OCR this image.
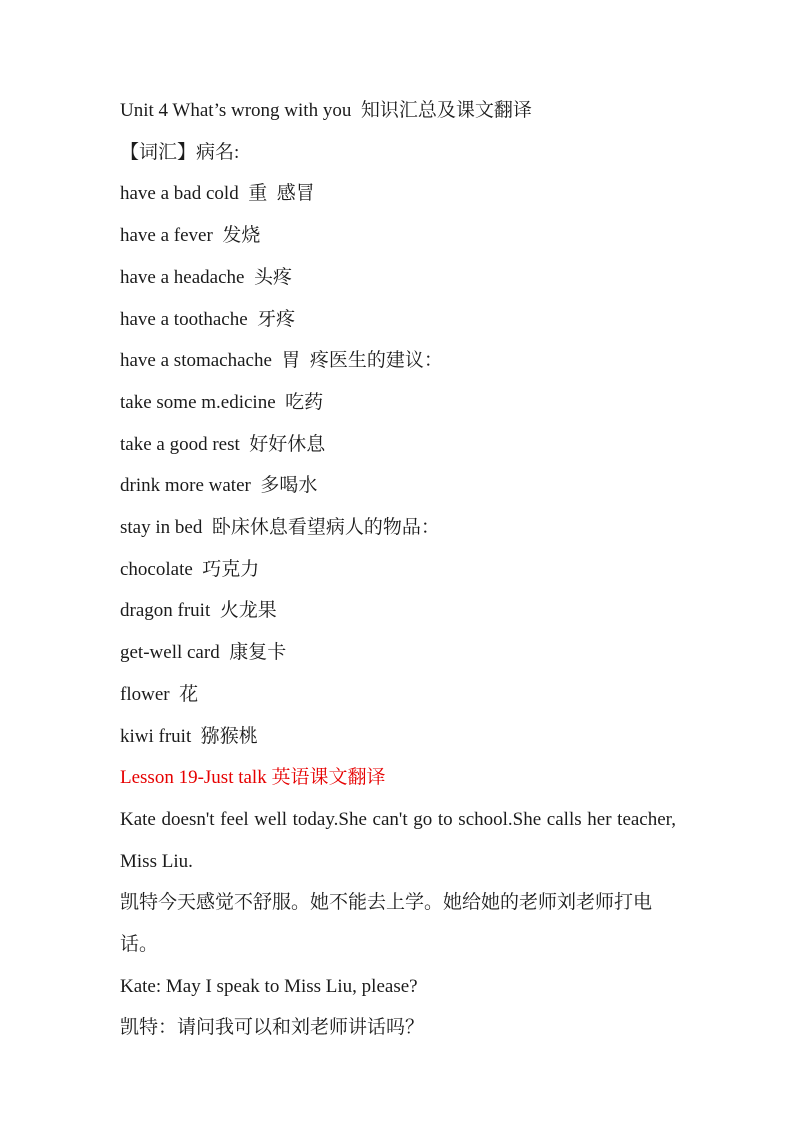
Unit 4 What’s wrong with you  知识汇总及课文翻译
【词汇】病名:
have a bad cold  重  感冒
have a fever  发烧
have a headache  头疼
have a toothache  牙疼
have a stomachache  胃  疼医生的建议：
take some m.edicine  吃药
take a good rest  好好休息
drink more water  多喝水
stay in bed  卧床休息看望病人的物品：
chocolate  巧克力
dragon fruit  火龙果
get-well card  康复卡
flower  花
kiwi fruit  猕猴桃
Lesson 19-Just talk 英语课文翻译
Kate doesn't feel well today.She can't go to school.She calls her teacher,
Miss Liu.
凯特今天感觉不舒服。她不能去上学。她给她的老师刘老师打电话。
Kate: May I speak to Miss Liu, please?
凯特：请问我可以和刘老师讲话吗？
